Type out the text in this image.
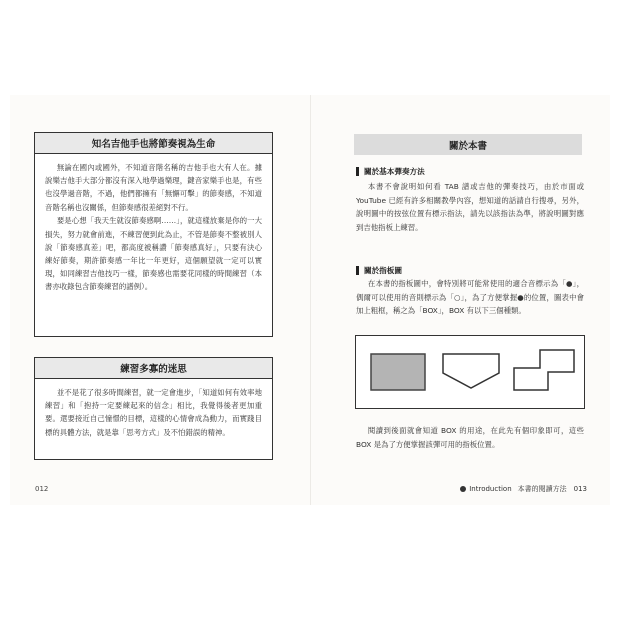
知名吉他手也將節奏視為生命

無論在國內或國外，不知道音階名稱的吉他手也大有人在。據說樂吉他手大部分都沒有深入地學過樂理，鍵音家樂手也是，有些也沒學過音階，不過，他們都擁有「無懈可擊」的節奏感，不知道音階名稱也沒關係，但節奏感很差絕對不行。

要是心想「我天生就沒節奏感啊……」，就這樣放棄是你的一大損失，努力就會前進，不練習便到此為止，不管是節奏不整被別人說「節奏感真差」吧，都高度被稱讚「節奏感真好」，只要有決心練好節奏，期許節奏感一年比一年更好，這個願望就一定可以實現，如同練習吉他技巧一樣，節奏感也需要花同樣的時間練習（本書亦收錄包含節奏練習的譜例）。

練習多寡的迷思

並不是花了很多時間練習，就一定會進步，「知道如何有效率地練習」和「抱持一定要練起來的信念」相比，我覺得後者更加重要。還要接近自己憧憬的目標，這樣的心情會成為動力，而實踐目標的具體方法，就是靠「思考方式」及不怕錯誤的精神。

012
關於本書
關於基本彈奏方法

本書不會說明如何看 TAB 譜或吉他的彈奏技巧，由於市面或 YouTube 已經有許多相關教學內容，想知道的話請自行搜尋，另外，說明圖中的按弦位置有標示指法，請先以該指法為準，將說明圖對應到吉他指板上練習。

關於指板圖

在本書的指板圖中，會特別將可能常使用的適合音標示為「●」，偶爾可以使用的音則標示為「○」，為了方便掌握●的位置，圖表中會加上粗框，稱之為「BOX」，BOX 有以下三個種類。

閱讀到後面就會知道 BOX 的用途，在此先有個印象即可，這些 BOX 是為了方便掌握該彈可用的指板位置。

Introduction 本書的閱讀方法 013
